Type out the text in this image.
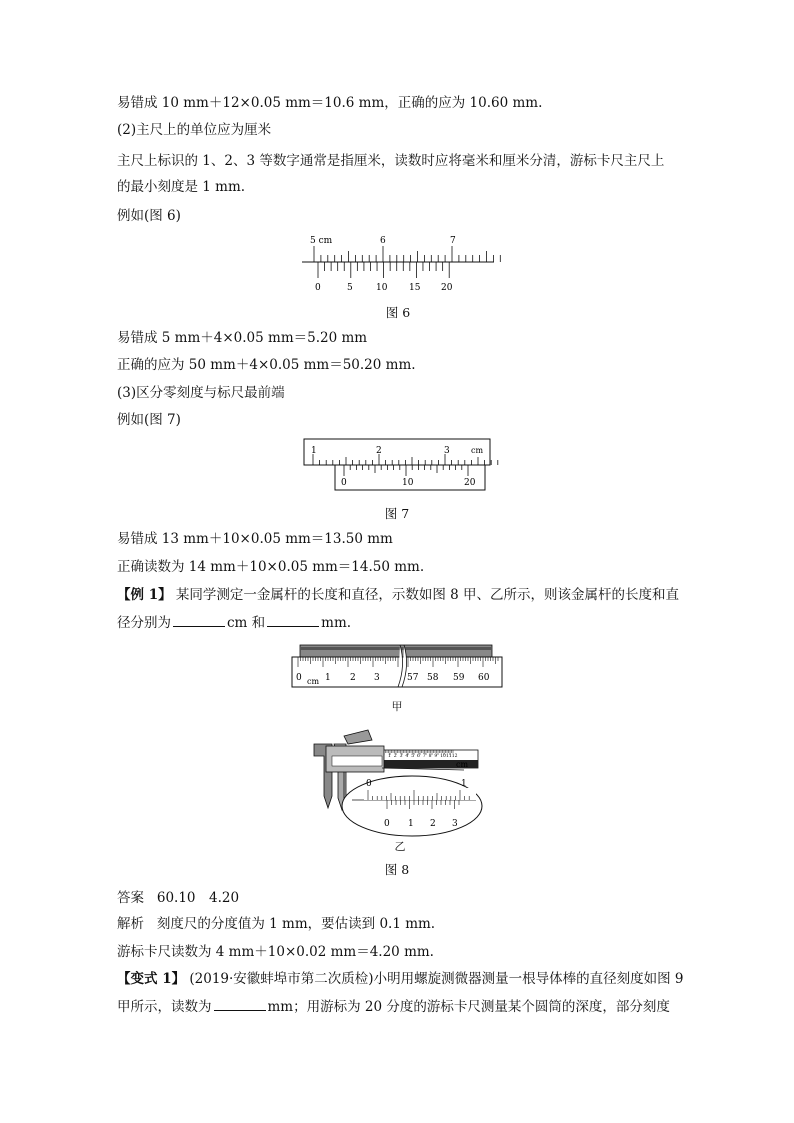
易错成 10 mm＋12×0.05 mm＝10.6 mm，正确的应为 10.60 mm.
(2)主尺上的单位应为厘米
主尺上标识的 1、2、3 等数字通常是指厘米，读数时应将毫米和厘米分清，游标卡尺主尺上
的最小刻度是 1 mm.
例如(图 6)
5 cm	6	7
0	5	10 15 20
图 6
易错成 5 mm＋4×0.05 mm＝5.20 mm
正确的应为 50 mm＋4×0.05 mm＝50.20 mm.
(3)区分零刻度与标尺最前端
例如(图 7)
1	2	3	cm
0	10	20
图 7
易错成 13 mm＋10×0.05 mm＝13.50 mm
正确读数为 14 mm＋10×0.05 mm＝14.50 mm.
【例 1】 某同学测定一金属杆的长度和直径，示数如图 8 甲、乙所示，则该金属杆的长度和直
径分别为	cm 和	mm.
0 cm 1 2 3	57 58 59 60
甲
cm
1 2 3 4 5 6 7 8 9 10 11 12
0	1
0 1 2 3
乙
图 8
答案 60.10　4.20
解析 刻度尺的分度值为 1 mm，要估读到 0.1 mm.
游标卡尺读数为 4 mm＋10×0.02 mm＝4.20 mm.
【变式 1】 (2019·安徽蚌埠市第二次质检)小明用螺旋测微器测量一根导体棒的直径刻度如图 9
甲所示，读数为	mm；用游标为 20 分度的游标卡尺测量某个圆筒的深度，部分刻度
